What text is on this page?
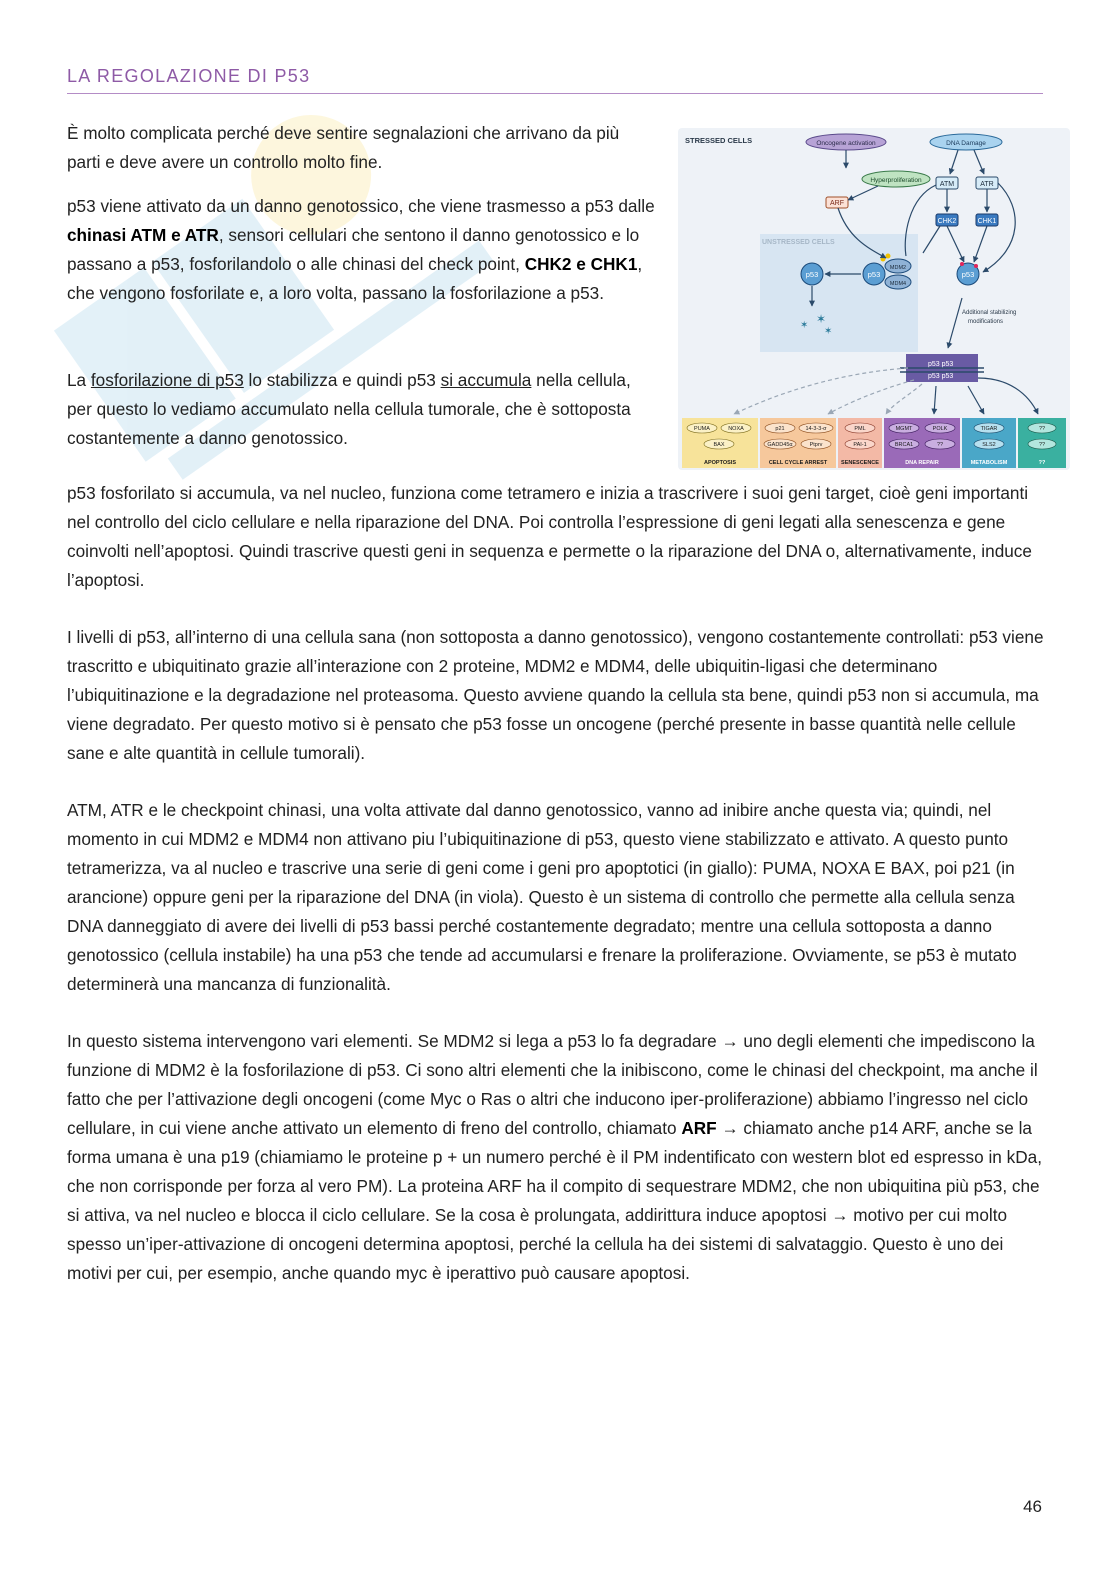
LA REGOLAZIONE DI P53
È molto complicata perché deve sentire segnalazioni che arrivano da più parti e deve avere un controllo molto fine.
p53 viene attivato da un danno genotossico, che viene trasmesso a p53 dalle chinasi ATM e ATR, sensori cellulari che sentono il danno genotossico e lo passano a p53, fosforilandolo o alle chinasi del check point, CHK2 e CHK1, che vengono fosforilate e, a loro volta, passano la fosforilazione a p53.
La fosforilazione di p53 lo stabilizza e quindi p53 si accumula nella cellula, per questo lo vediamo accumulato nella cellula tumorale, che è sottoposta costantemente a danno genotossico.
STRESSED CELLS	Oncogene activation	DNA Damage
Hyperproliferation
ATM	ATR
CHK2	CHK1
ARF
p53	p53
MDM2
MDM4
p53
✶
✶
✶
Additional stabilizing
modifications
p53 p53
p53 p53
PUMA	NOXA
BAX
p21	14-3-3-σ
GADD45α	Ptprv
PML
PAI-1
MGMT	POLK
BRCA1	??
TIGAR
SLS2
??
??
APOPTOSIS	CELL CYCLE ARREST	SENESCENCE	DNA REPAIR	METABOLISM	??
p53 fosforilato si accumula, va nel nucleo, funziona come tetramero e inizia a trascrivere i suoi geni target, cioè geni importanti nel controllo del ciclo cellulare e nella riparazione del DNA. Poi controlla l’espressione di geni legati alla senescenza e gene coinvolti nell’apoptosi. Quindi trascrive questi geni in sequenza e permette o la riparazione del DNA o, alternativamente, induce l’apoptosi.
I livelli di p53, all’interno di una cellula sana (non sottoposta a danno genotossico), vengono costantemente controllati: p53 viene trascritto e ubiquitinato grazie all’interazione con 2 proteine, MDM2 e MDM4, delle ubiquitin-ligasi che determinano l’ubiquitinazione e la degradazione nel proteasoma. Questo avviene quando la cellula sta bene, quindi p53 non si accumula, ma viene degradato. Per questo motivo si è pensato che p53 fosse un oncogene (perché presente in basse quantità nelle cellule sane e alte quantità in cellule tumorali).
ATM, ATR e le checkpoint chinasi, una volta attivate dal danno genotossico, vanno ad inibire anche questa via; quindi, nel momento in cui MDM2 e MDM4 non attivano piu l’ubiquitinazione di p53, questo viene stabilizzato e attivato. A questo punto tetramerizza, va al nucleo e trascrive una serie di geni come i geni pro apoptotici (in giallo): PUMA, NOXA E BAX, poi p21 (in arancione) oppure geni per la riparazione del DNA (in viola). Questo è un sistema di controllo che permette alla cellula senza DNA danneggiato di avere dei livelli di p53 bassi perché costantemente degradato; mentre una cellula sottoposta a danno genotossico (cellula instabile) ha una p53 che tende ad accumularsi e frenare la proliferazione. Ovviamente, se p53 è mutato determinerà una mancanza di funzionalità.
In questo sistema intervengono vari elementi. Se MDM2 si lega a p53 lo fa degradare → uno degli elementi che impediscono la funzione di MDM2 è la fosforilazione di p53. Ci sono altri elementi che la inibiscono, come le chinasi del checkpoint, ma anche il fatto che per l’attivazione degli oncogeni (come Myc o Ras o altri che inducono iper-proliferazione) abbiamo l’ingresso nel ciclo cellulare, in cui viene anche attivato un elemento di freno del controllo, chiamato ARF → chiamato anche p14 ARF, anche se la forma umana è una p19 (chiamiamo le proteine p + un numero perché è il PM indentificato con western blot ed espresso in kDa, che non corrisponde per forza al vero PM). La proteina ARF ha il compito di sequestrare MDM2, che non ubiquitina più p53, che si attiva, va nel nucleo e blocca il ciclo cellulare. Se la cosa è prolungata, addirittura induce apoptosi → motivo per cui molto spesso un’iper-attivazione di oncogeni determina apoptosi, perché la cellula ha dei sistemi di salvataggio. Questo è uno dei motivi per cui, per esempio, anche quando myc è iperattivo può causare apoptosi.
46
